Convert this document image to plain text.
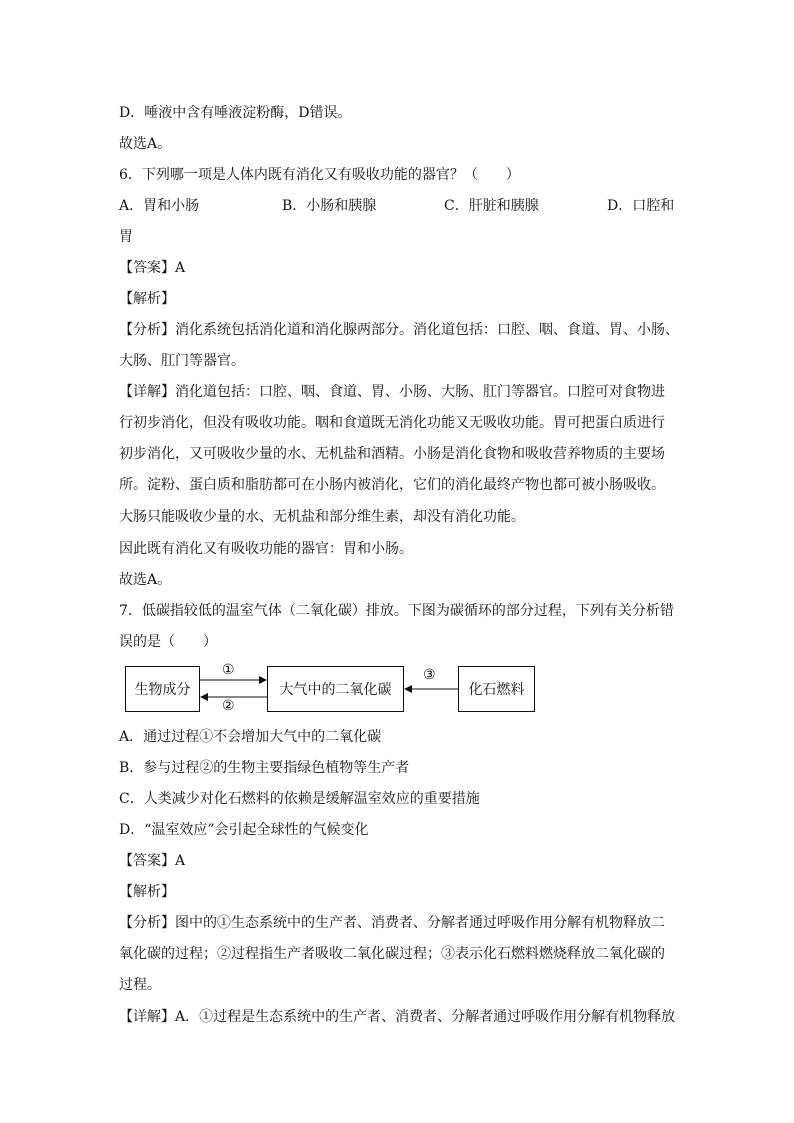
D．唾液中含有唾液淀粉酶，D错误。
故选A。
6．下列哪一项是人体内既有消化又有吸收功能的器官？（　　）
A．胃和小肠	B．小肠和胰腺	C．肝脏和胰腺	D．口腔和
胃
【答案】A
【解析】
【分析】消化系统包括消化道和消化腺两部分。消化道包括：口腔、咽、食道、胃、小肠、
大肠、肛门等器官。
【详解】消化道包括：口腔、咽、食道、胃、小肠、大肠、肛门等器官。口腔可对食物进
行初步消化，但没有吸收功能。咽和食道既无消化功能又无吸收功能。胃可把蛋白质进行
初步消化，又可吸收少量的水、无机盐和酒精。小肠是消化食物和吸收营养物质的主要场
所。淀粉、蛋白质和脂肪都可在小肠内被消化，它们的消化最终产物也都可被小肠吸收。
大肠只能吸收少量的水、无机盐和部分维生素，却没有消化功能。
因此既有消化又有吸收功能的器官：胃和小肠。
故选A。
7．低碳指较低的温室气体（二氧化碳）排放。下图为碳循环的部分过程，下列有关分析错
误的是（　　）
生物成分	大气中的二氧化碳	化石燃料
①
②
③
A．通过过程①不会增加大气中的二氧化碳
B．参与过程②的生物主要指绿色植物等生产者
C．人类减少对化石燃料的依赖是缓解温室效应的重要措施
D．“温室效应”会引起全球性的气候变化
【答案】A
【解析】
【分析】图中的①生态系统中的生产者、消费者、分解者通过呼吸作用分解有机物释放二
氧化碳的过程；②过程指生产者吸收二氧化碳过程；③表示化石燃料燃烧释放二氧化碳的
过程。
【详解】A．①过程是生态系统中的生产者、消费者、分解者通过呼吸作用分解有机物释放
